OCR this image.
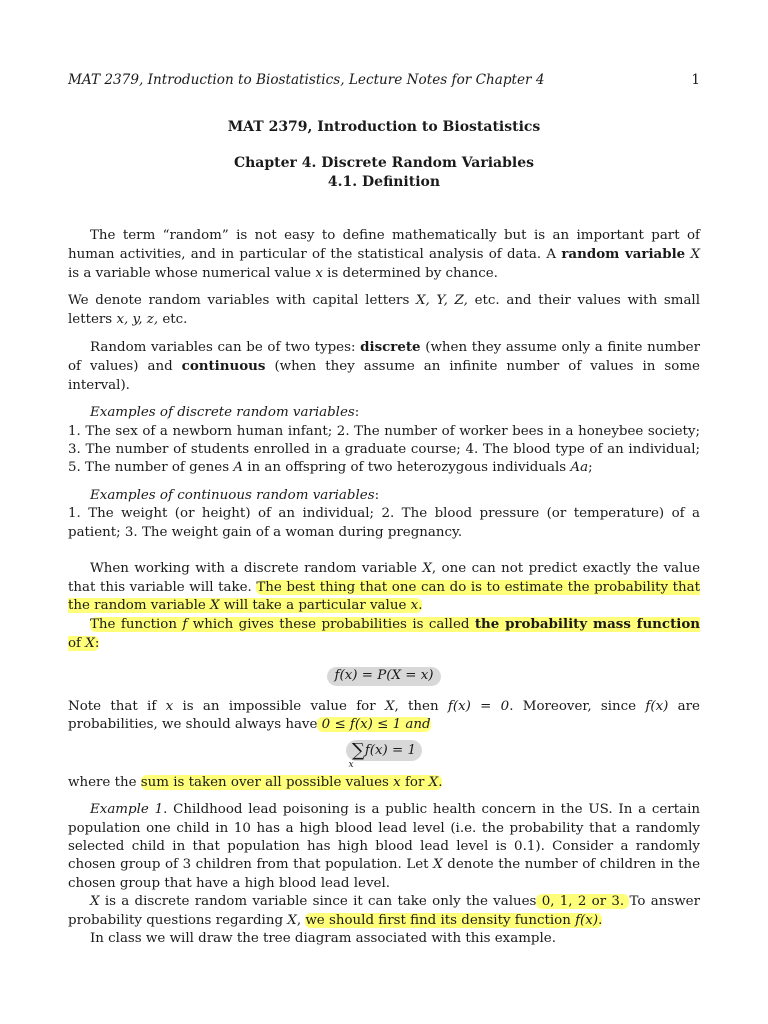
MAT 2379, Introduction to Biostatistics, Lecture Notes for Chapter 4	1
MAT 2379, Introduction to Biostatistics
Chapter 4. Discrete Random Variables
4.1. Definition

The term “random” is not easy to define mathematically but is an important part of human activities, and in particular of the statistical analysis of data. A random variable X is a variable whose numerical value x is determined by chance.

We denote random variables with capital letters X, Y, Z, etc. and their values with small letters x, y, z, etc.

Random variables can be of two types: discrete (when they assume only a finite number of values) and continuous (when they assume an infinite number of values in some interval).

Examples of discrete random variables:

1. The sex of a newborn human infant; 2. The number of worker bees in a honeybee society; 3. The number of students enrolled in a graduate course; 4. The blood type of an individual; 5. The number of genes A in an offspring of two heterozygous individuals Aa;

Examples of continuous random variables:

1. The weight (or height) of an individual; 2. The blood pressure (or temperature) of a patient; 3. The weight gain of a woman during pregnancy.

When working with a discrete random variable X, one can not predict exactly the value that this variable will take. The best thing that one can do is to estimate the probability that the random variable X will take a particular value x.

The function f which gives these probabilities is called the probability mass function of X:

f(x) = P(X = x)

Note that if x is an impossible value for X, then f(x) = 0. Moreover, since f(x) are probabilities, we should always have 0 ≤ f(x) ≤ 1 and

∑f(x) = 1
x

where the sum is taken over all possible values x for X.

Example 1. Childhood lead poisoning is a public health concern in the US. In a certain population one child in 10 has a high blood lead level (i.e. the probability that a randomly selected child in that population has high blood lead level is 0.1). Consider a randomly chosen group of 3 children from that population. Let X denote the number of children in the chosen group that have a high blood lead level.

X is a discrete random variable since it can take only the values 0, 1, 2 or 3. To answer probability questions regarding X, we should first find its density function f(x).

In class we will draw the tree diagram associated with this example.
